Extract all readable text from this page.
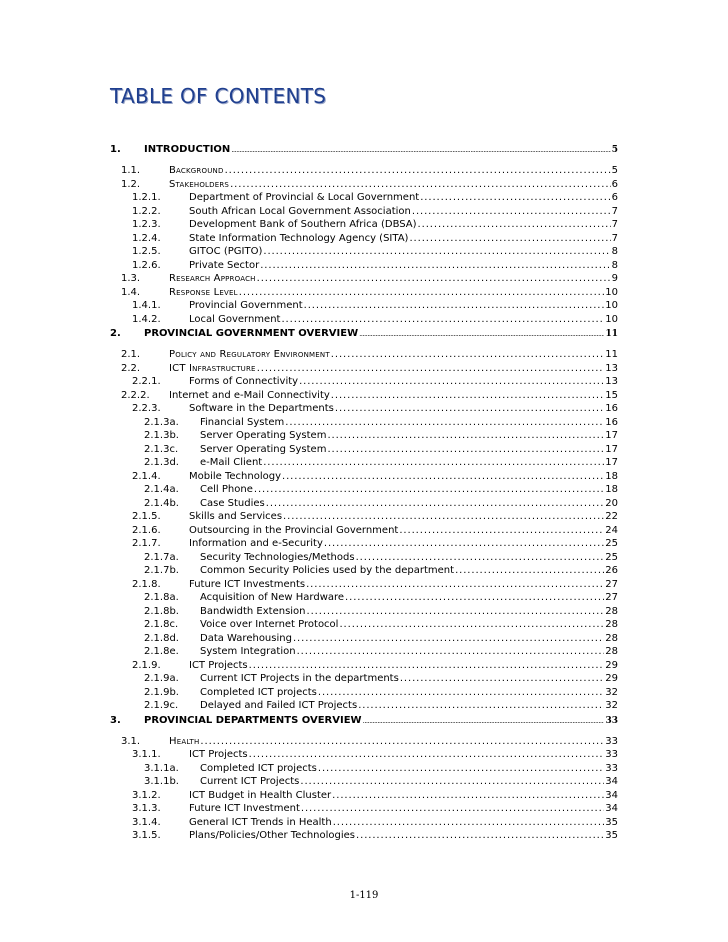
TABLE OF CONTENTS
1.	INTRODUCTION .....	5
1.1.	Background .....	5
1.2.	Stakeholders .....	6
1.2.1.	Department of Provincial & Local Government .....	6
1.2.2.	South African Local Government Association .....	7
1.2.3.	Development Bank of Southern Africa (DBSA) .....	7
1.2.4.	State Information Technology Agency (SITA) .....	7
1.2.5.	GITOC (PGITO) .....	8
1.2.6.	Private Sector .....	8
1.3.	Research Approach .....	9
1.4.	Response Level .....	10
1.4.1.	Provincial Government .....	10
1.4.2.	Local Government .....	10
2.	PROVINCIAL GOVERNMENT OVERVIEW .....	11
2.1.	Policy and Regulatory Environment .....	11
2.2.	ICT Infrastructure .....	13
2.2.1.	Forms of Connectivity .....	13
2.2.2.	Internet and e-Mail Connectivity .....	15
2.2.3.	Software in the Departments .....	16
2.1.3a.	Financial System .....	16
2.1.3b.	Server Operating System .....	17
2.1.3c.	Server Operating System .....	17
2.1.3d.	e-Mail Client .....	17
2.1.4.	Mobile Technology .....	18
2.1.4a.	Cell Phone .....	18
2.1.4b.	Case Studies .....	20
2.1.5.	Skills and Services .....	22
2.1.6.	Outsourcing in the Provincial Government .....	24
2.1.7.	Information and e-Security .....	25
2.1.7a.	Security Technologies/Methods .....	25
2.1.7b.	Common Security Policies used by the department .....	26
2.1.8.	Future ICT Investments .....	27
2.1.8a.	Acquisition of New Hardware .....	27
2.1.8b.	Bandwidth Extension .....	28
2.1.8c.	Voice over Internet Protocol .....	28
2.1.8d.	Data Warehousing .....	28
2.1.8e.	System Integration .....	28
2.1.9.	ICT Projects .....	29
2.1.9a.	Current ICT Projects in the departments .....	29
2.1.9b.	Completed ICT projects .....	32
2.1.9c.	Delayed and Failed ICT Projects .....	32
3.	PROVINCIAL DEPARTMENTS OVERVIEW .....	33
3.1.	Health .....	33
3.1.1.	ICT Projects .....	33
3.1.1a.	Completed ICT projects .....	33
3.1.1b.	Current ICT Projects .....	34
3.1.2.	ICT Budget in Health Cluster .....	34
3.1.3.	Future ICT Investment .....	34
3.1.4.	General ICT Trends in Health .....	35
3.1.5.	Plans/Policies/Other Technologies .....	35
1-119
